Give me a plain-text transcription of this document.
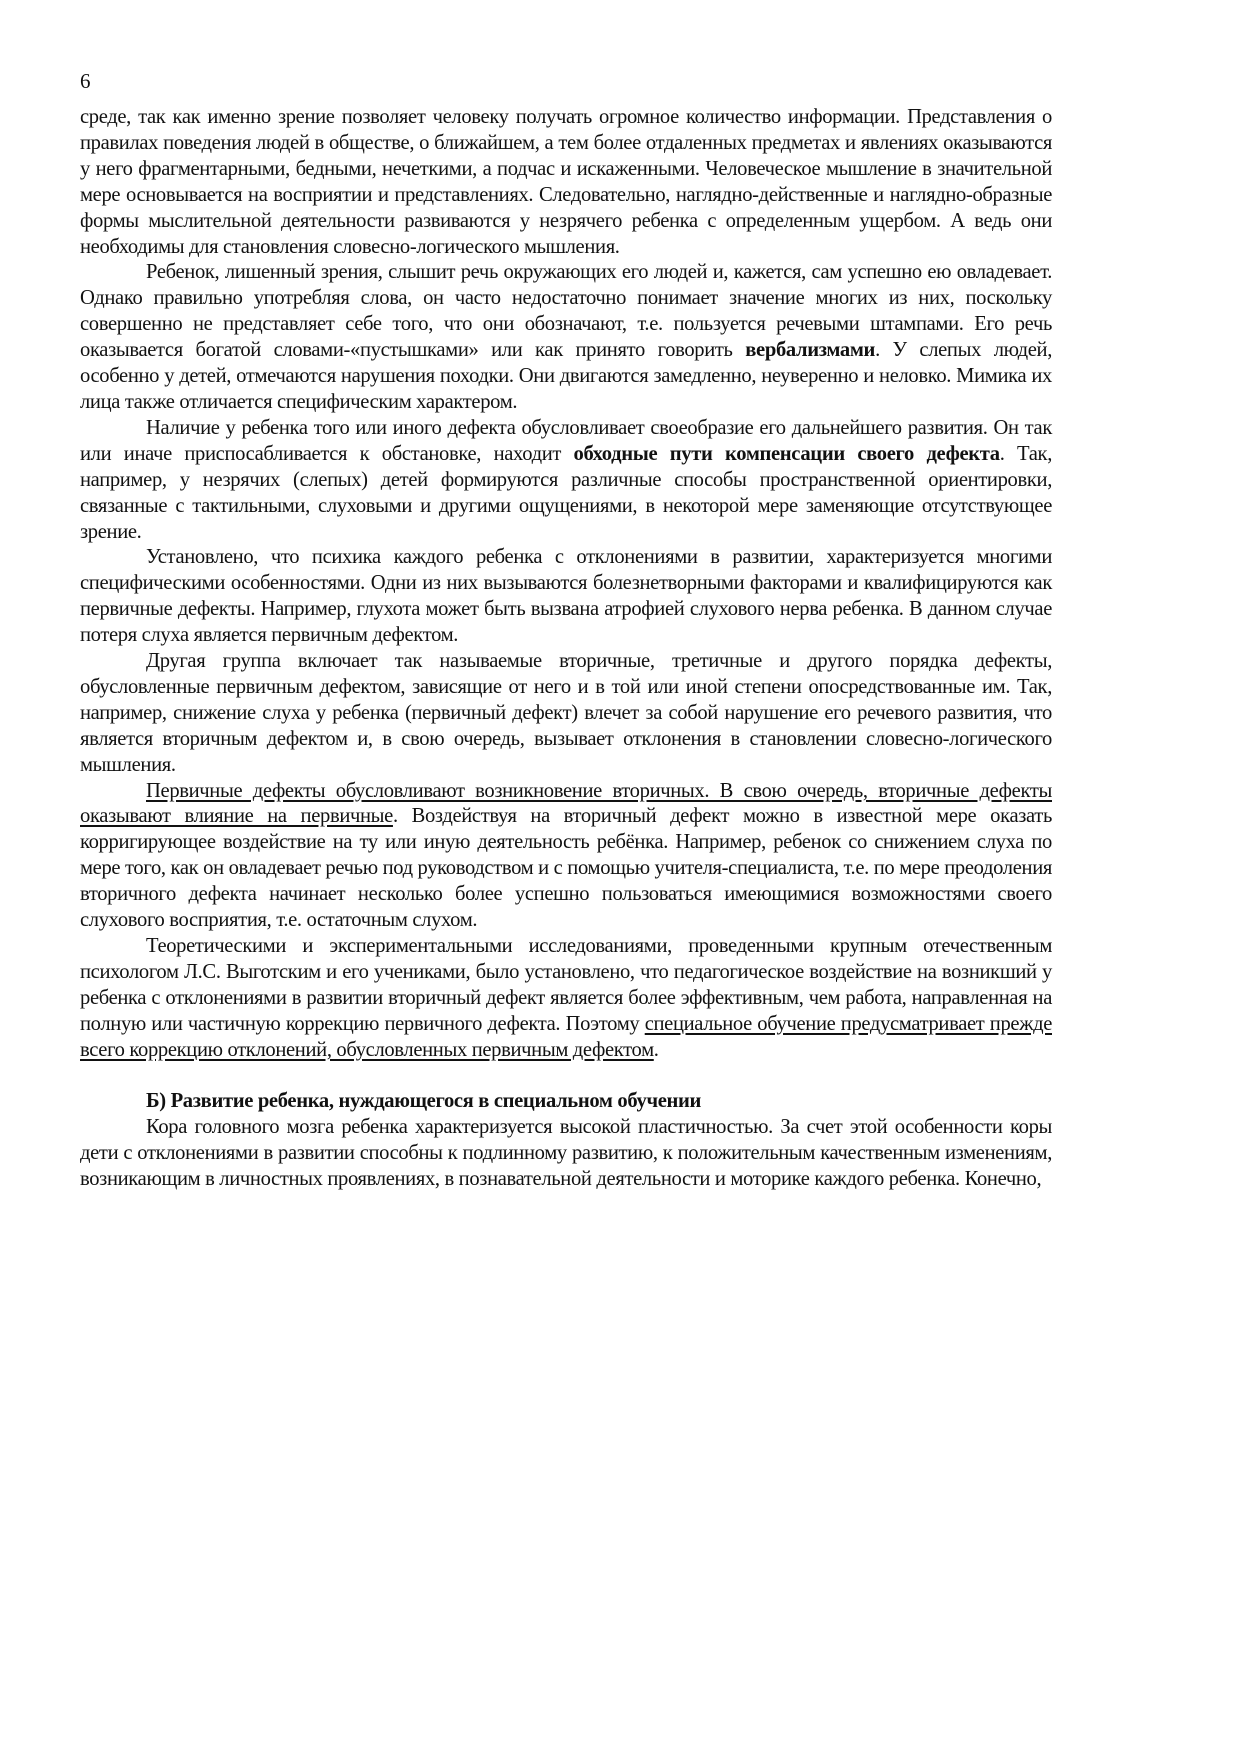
6

среде, так как именно зрение позволяет человеку получать огромное количество информации. Представления о правилах поведения людей в обществе, о ближайшем, а тем более отдаленных предметах и явлениях оказываются у него фрагментарными, бедными, нечеткими, а подчас и искаженными. Человеческое мышление в значительной мере основывается на восприятии и представлениях. Следовательно, наглядно-действенные и наглядно-образные формы мыслительной деятельности развиваются у незрячего ребенка с определенным ущербом. А ведь они необходимы для становления словесно-логического мышления.

Ребенок, лишенный зрения, слышит речь окружающих его людей и, кажется, сам успешно ею овладевает. Однако правильно употребляя слова, он часто недостаточно понимает значение многих из них, поскольку совершенно не представляет себе того, что они обозначают, т.е. пользуется речевыми штампами. Его речь оказывается богатой словами-«пустышками» или как принято говорить вербализмами. У слепых людей, особенно у детей, отмечаются нарушения походки. Они двигаются замедленно, неуверенно и неловко. Мимика их лица также отличается специфическим характером.

Наличие у ребенка того или иного дефекта обусловливает своеобразие его дальнейшего развития. Он так или иначе приспосабливается к обстановке, находит обходные пути компенсации своего дефекта. Так, например, у незрячих (слепых) детей формируются различные способы пространственной ориентировки, связанные с тактильными, слуховыми и другими ощущениями, в некоторой мере заменяющие отсутствующее зрение.

Установлено, что психика каждого ребенка с отклонениями в развитии, характеризуется многими специфическими особенностями. Одни из них вызываются болезнетворными факторами и квалифицируются как первичные дефекты. Например, глухота может быть вызвана атрофией слухового нерва ребенка. В данном случае потеря слуха является первичным дефектом.

Другая группа включает так называемые вторичные, третичные и другого порядка дефекты, обусловленные первичным дефектом, зависящие от него и в той или иной степени опосредствованные им. Так, например, снижение слуха у ребенка (первичный дефект) влечет за собой нарушение его речевого развития, что является вторичным дефектом и, в свою очередь, вызывает отклонения в становлении словесно-логического мышления.

Первичные дефекты обусловливают возникновение вторичных. В свою очередь, вторичные дефекты оказывают влияние на первичные. Воздействуя на вторичный дефект можно в известной мере оказать корригирующее воздействие на ту или иную деятельность ребёнка. Например, ребенок со снижением слуха по мере того, как он овладевает речью под руководством и с помощью учителя-специалиста, т.е. по мере преодоления вторичного дефекта начинает несколько более успешно пользоваться имеющимися возможностями своего слухового восприятия, т.е. остаточным слухом.

Теоретическими и экспериментальными исследованиями, проведенными крупным отечественным психологом Л.С. Выготским и его учениками, было установлено, что педагогическое воздействие на возникший у ребенка с отклонениями в развитии вторичный дефект является более эффективным, чем работа, направленная на полную или частичную коррекцию первичного дефекта. Поэтому специальное обучение предусматривает прежде всего коррекцию отклонений, обусловленных первичным дефектом.

Б) Развитие ребенка, нуждающегося в специальном обучении

Кора головного мозга ребенка характеризуется высокой пластичностью. За счет этой особенности коры дети с отклонениями в развитии способны к подлинному развитию, к положительным качественным изменениям, возникающим в личностных проявлениях, в познавательной деятельности и моторике каждого ребенка. Конечно,
